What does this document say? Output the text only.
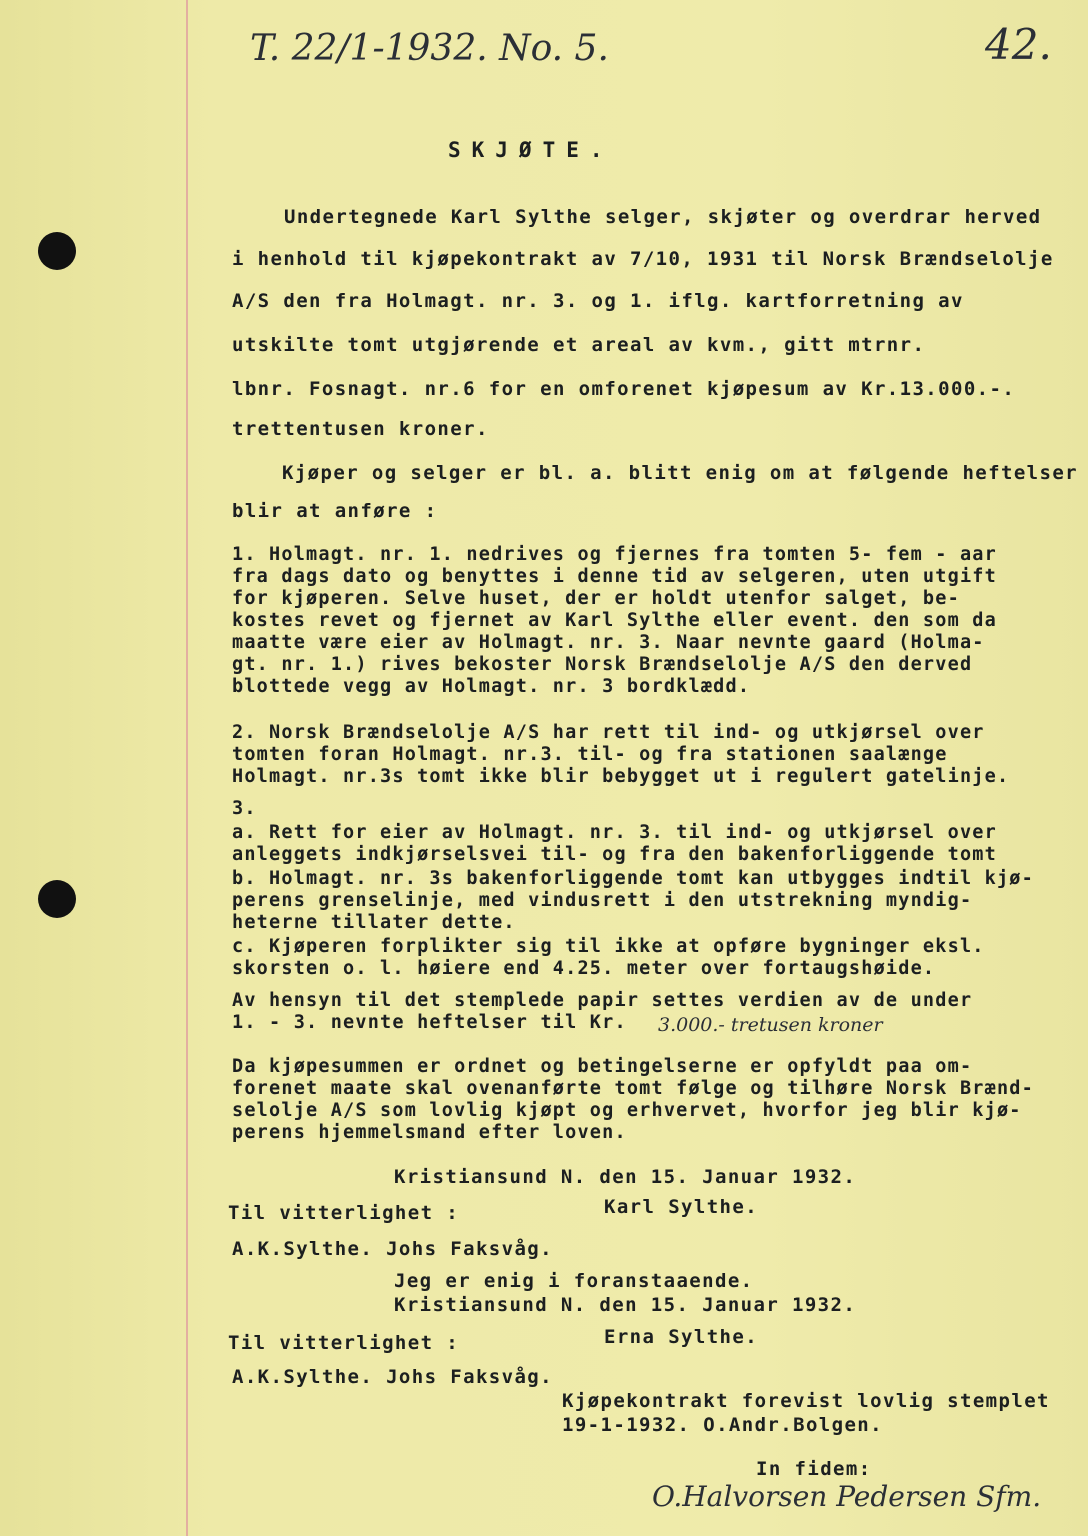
T. 22/1-1932. No. 5.	42.
SKJØTE.
Undertegnede Karl Sylthe selger, skjøter og overdrar herved
i henhold til kjøpekontrakt av 7/10, 1931 til Norsk Brændselolje
A/S den fra Holmagt. nr. 3. og 1. iflg. kartforretning av
utskilte tomt utgjørende et areal av kvm., gitt mtrnr.
lbnr. Fosnagt. nr.6 for en omforenet kjøpesum av Kr.13.000.-.
trettentusen kroner.
Kjøper og selger er bl. a. blitt enig om at følgende heftelser
blir at anføre :
1. Holmagt. nr. 1. nedrives og fjernes fra tomten 5- fem - aar
fra dags dato og benyttes i denne tid av selgeren, uten utgift
for kjøperen. Selve huset, der er holdt utenfor salget, be-
kostes revet og fjernet av Karl Sylthe eller event. den som da
maatte være eier av Holmagt. nr. 3. Naar nevnte gaard (Holma-
gt. nr. 1.) rives bekoster Norsk Brændselolje A/S den derved
blottede vegg av Holmagt. nr. 3 bordklædd.
2. Norsk Brændselolje A/S har rett til ind- og utkjørsel over
tomten foran Holmagt. nr.3. til- og fra stationen saalænge
Holmagt. nr.3s tomt ikke blir bebygget ut i regulert gatelinje.
3.
a. Rett for eier av Holmagt. nr. 3. til ind- og utkjørsel over
anleggets indkjørselsvei til- og fra den bakenforliggende tomt
b. Holmagt. nr. 3s bakenforliggende tomt kan utbygges indtil kjø-
perens grenselinje, med vindusrett i den utstrekning myndig-
heterne tillater dette.
c. Kjøperen forplikter sig til ikke at opføre bygninger eksl.
skorsten o. l. høiere end 4.25. meter over fortaugshøide.
Av hensyn til det stemplede papir settes verdien av de under
1. - 3. nevnte heftelser til Kr. 3.000.- tretusen kroner
Da kjøpesummen er ordnet og betingelserne er opfyldt paa om-
forenet maate skal ovenanførte tomt følge og tilhøre Norsk Brænd-
selolje A/S som lovlig kjøpt og erhvervet, hvorfor jeg blir kjø-
perens hjemmelsmand efter loven.
Kristiansund N. den 15. Januar 1932.
Karl Sylthe.
Til vitterlighet :
A.K.Sylthe. Johs Faksvåg.
Jeg er enig i foranstaaende.
Kristiansund N. den 15. Januar 1932.
Erna Sylthe.
Til vitterlighet :
A.K.Sylthe. Johs Faksvåg.
Kjøpekontrakt forevist lovlig stemplet
19-1-1932. O.Andr.Bolgen.
In fidem:
O.Halvorsen Pedersen Sfm.
